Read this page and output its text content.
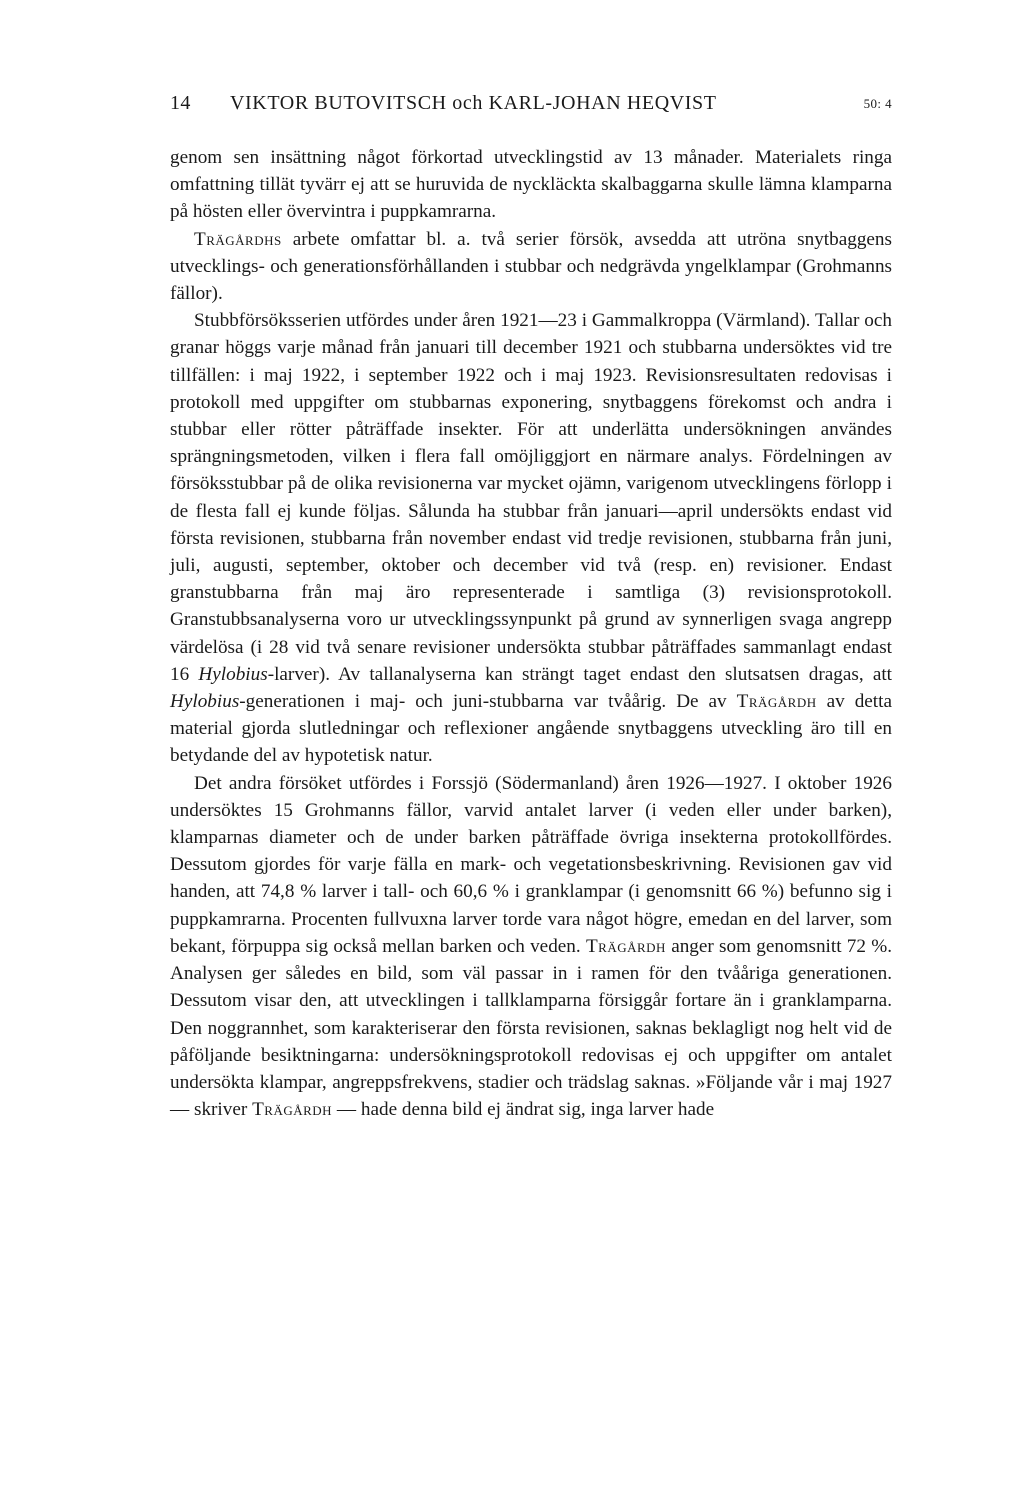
14 VIKTOR BUTOVITSCH och KARL-JOHAN HEQVIST	50: 4

genom sen insättning något förkortad utvecklingstid av 13 månader. Materialets ringa omfattning tillät tyvärr ej att se huruvida de nyckläckta skalbaggarna skulle lämna klamparna på hösten eller övervintra i puppkamrarna.

Trägårdhs arbete omfattar bl. a. två serier försök, avsedda att utröna snytbaggens utvecklings- och generationsförhållanden i stubbar och nedgrävda yngelklampar (Grohmanns fällor).

Stubbförsöksserien utfördes under åren 1921—23 i Gammalkroppa (Värmland). Tallar och granar höggs varje månad från januari till december 1921 och stubbarna undersöktes vid tre tillfällen: i maj 1922, i september 1922 och i maj 1923. Revisionsresultaten redovisas i protokoll med uppgifter om stubbarnas exponering, snytbaggens förekomst och andra i stubbar eller rötter påträffade insekter. För att underlätta undersökningen användes sprängningsmetoden, vilken i flera fall omöjliggjort en närmare analys. Fördelningen av försöksstubbar på de olika revisionerna var mycket ojämn, varigenom utvecklingens förlopp i de flesta fall ej kunde följas. Sålunda ha stubbar från januari—april undersökts endast vid första revisionen, stubbarna från november endast vid tredje revisionen, stubbarna från juni, juli, augusti, september, oktober och december vid två (resp. en) revisioner. Endast granstubbarna från maj äro representerade i samtliga (3) revisionsprotokoll. Granstubbsanalyserna voro ur utvecklingssynpunkt på grund av synnerligen svaga angrepp värdelösa (i 28 vid två senare revisioner undersökta stubbar påträffades sammanlagt endast 16 Hylobius-larver). Av tallanalyserna kan strängt taget endast den slutsatsen dragas, att Hylobius-generationen i maj- och juni-stubbarna var tvåårig. De av Trägårdh av detta material gjorda slutledningar och reflexioner angående snytbaggens utveckling äro till en betydande del av hypotetisk natur.

Det andra försöket utfördes i Forssjö (Södermanland) åren 1926—1927. I oktober 1926 undersöktes 15 Grohmanns fällor, varvid antalet larver (i veden eller under barken), klamparnas diameter och de under barken påträffade övriga insekterna protokollfördes. Dessutom gjordes för varje fälla en mark- och vegetationsbeskrivning. Revisionen gav vid handen, att 74,8 % larver i tall- och 60,6 % i granklampar (i genomsnitt 66 %) befunno sig i puppkamrarna. Procenten fullvuxna larver torde vara något högre, emedan en del larver, som bekant, förpuppa sig också mellan barken och veden. Trägårdh anger som genomsnitt 72 %. Analysen ger således en bild, som väl passar in i ramen för den tvååriga generationen. Dessutom visar den, att utvecklingen i tallklamparna försiggår fortare än i granklamparna. Den noggrannhet, som karakteriserar den första revisionen, saknas beklagligt nog helt vid de påföljande besiktningarna: undersökningsprotokoll redovisas ej och uppgifter om antalet undersökta klampar, angreppsfrekvens, stadier och trädslag saknas. »Följande vår i maj 1927 — skriver Trägårdh — hade denna bild ej ändrat sig, inga larver hade
